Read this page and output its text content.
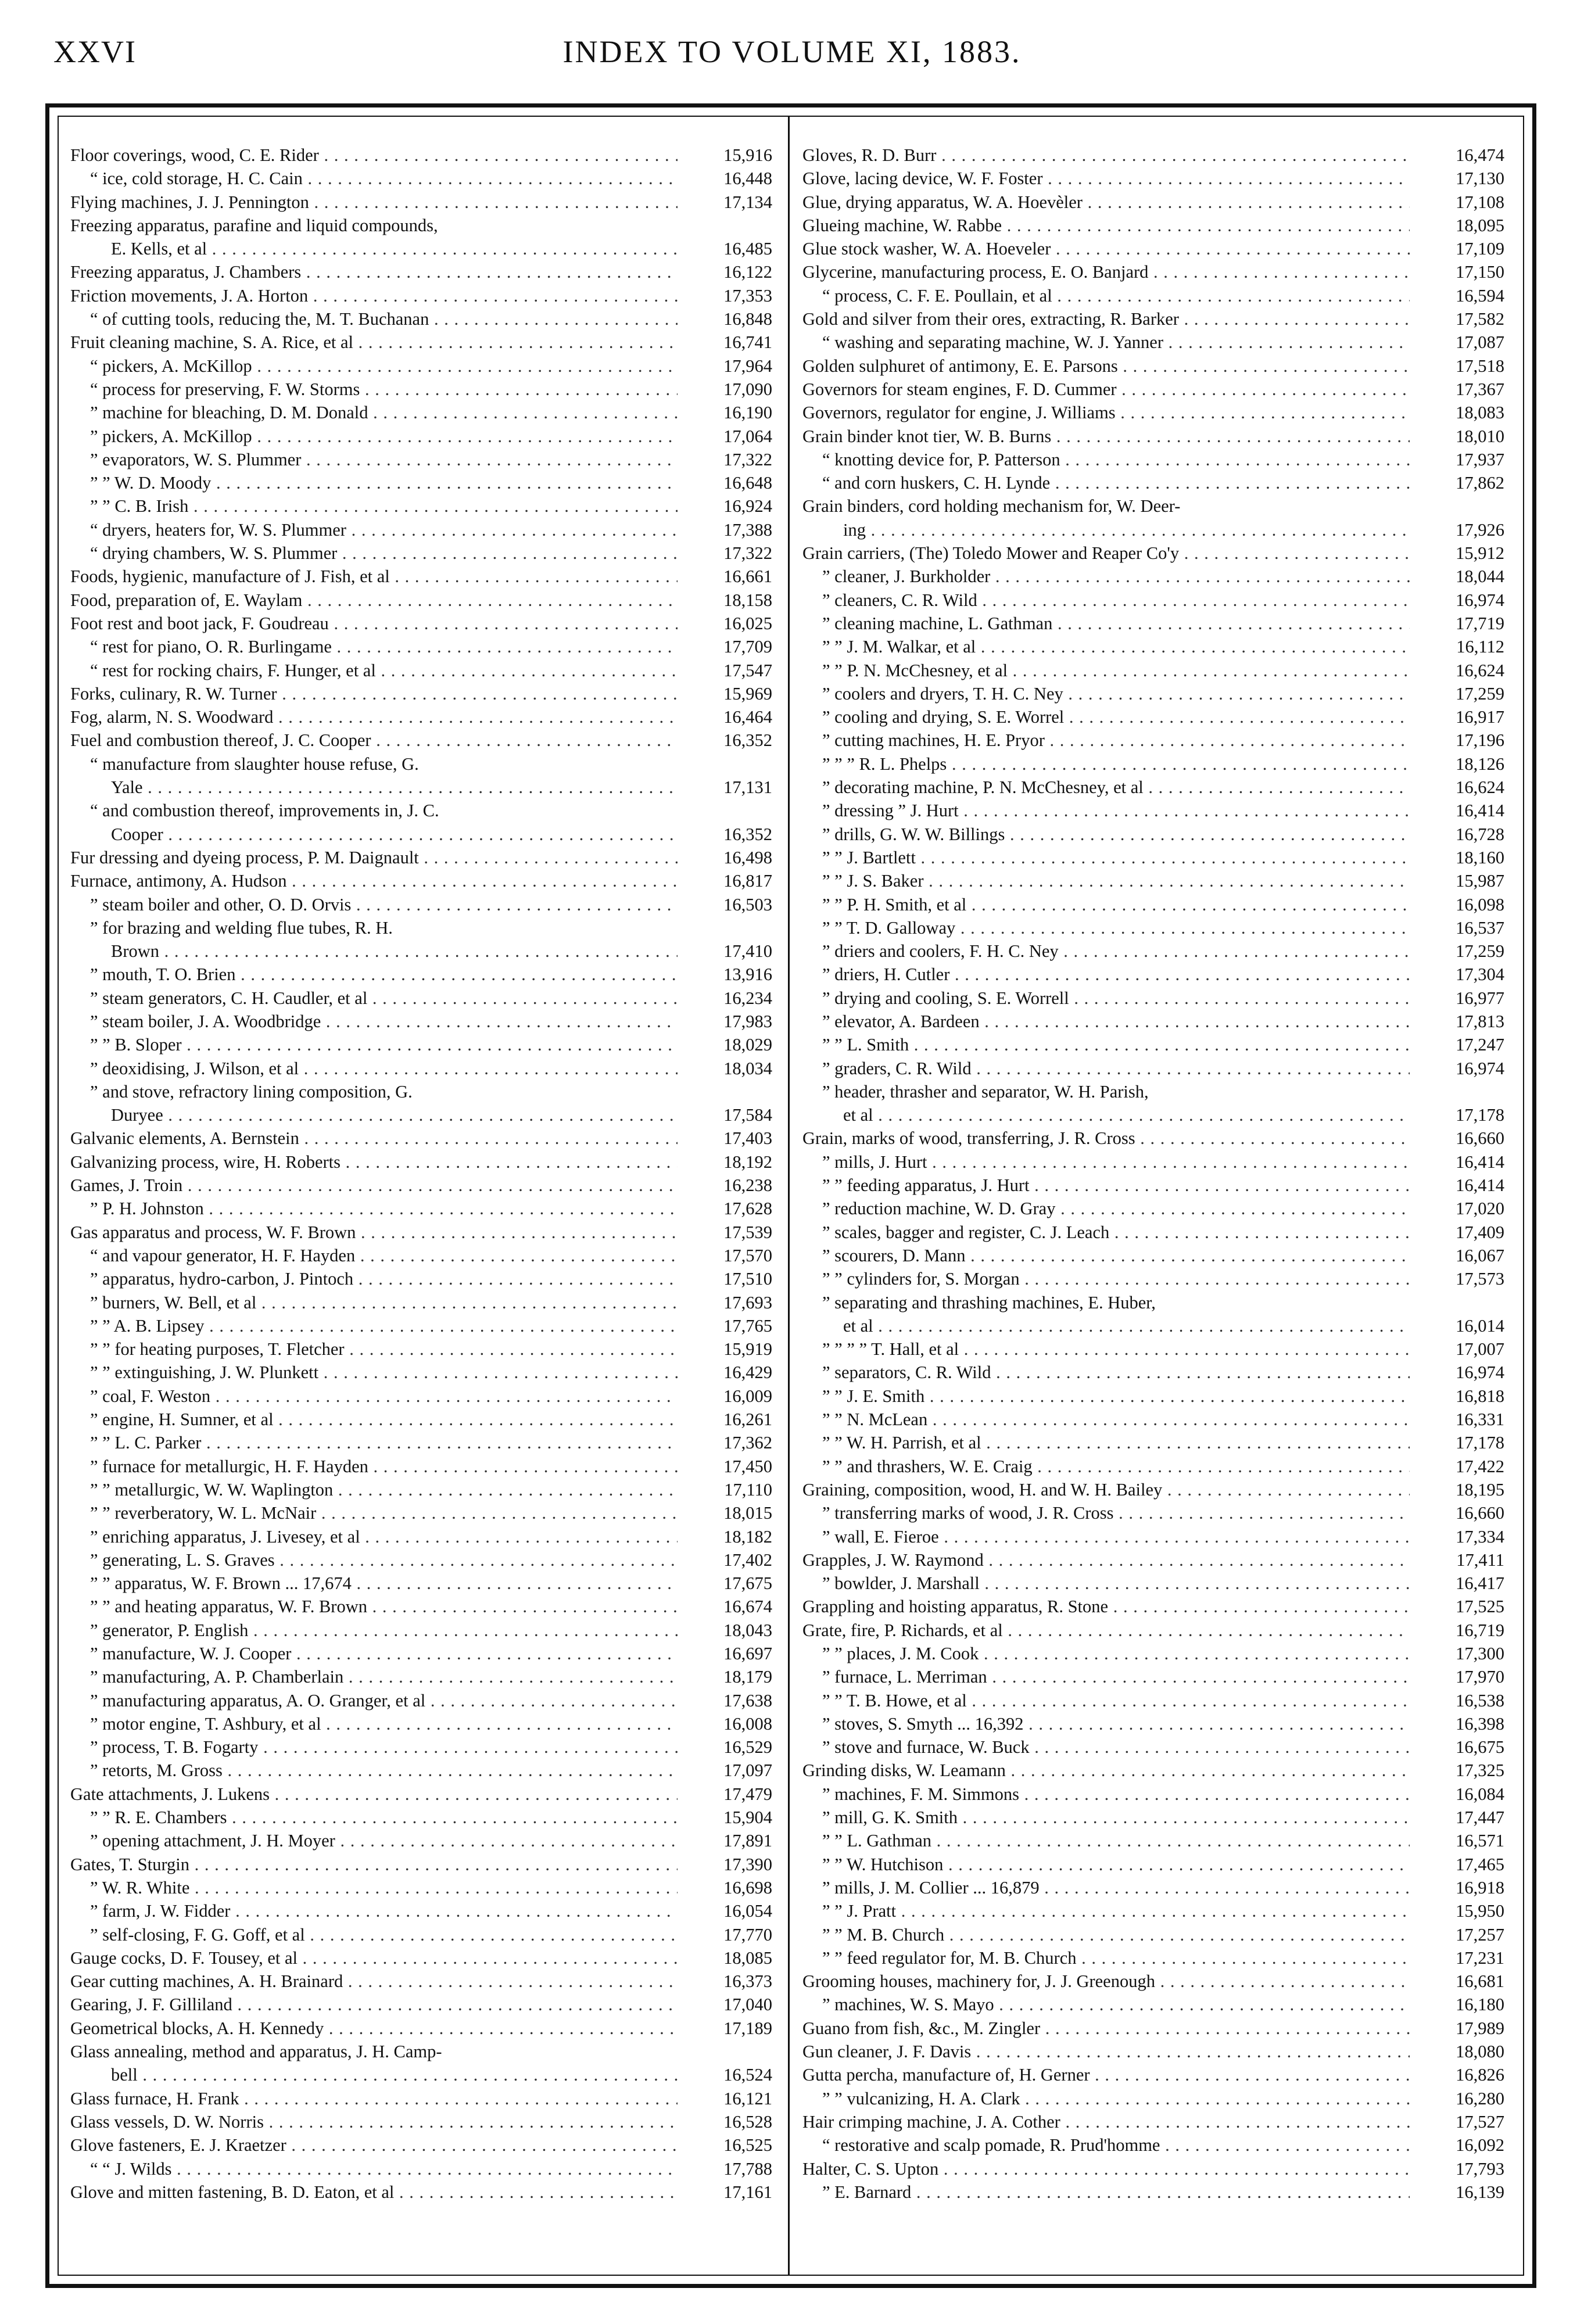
XXVI	INDEX TO VOLUME XI, 1883.
Floor coverings, wood, C. E. Rider . . .	15,916
“ ice, cold storage, H. C. Cain . . .	16,448
Flying machines, J. J. Pennington . . .	17,134
Freezing apparatus, parafine and liquid compounds,
E. Kells, et al . . .	16,485
Freezing apparatus, J. Chambers . . .	16,122
Friction movements, J. A. Horton . . .	17,353
“ of cutting tools, reducing the, M. T. Buchanan . . .	16,848
Fruit cleaning machine, S. A. Rice, et al . . .	16,741
“ pickers, A. McKillop . . .	17,964
“ process for preserving, F. W. Storms . . .	17,090
” machine for bleaching, D. M. Donald . . .	16,190
” pickers, A. McKillop . . .	17,064
” evaporators, W. S. Plummer . . .	17,322
” ” W. D. Moody . . .	16,648
” ” C. B. Irish . . .	16,924
“ dryers, heaters for, W. S. Plummer . . .	17,388
“ drying chambers, W. S. Plummer . . .	17,322
Foods, hygienic, manufacture of J. Fish, et al . . .	16,661
Food, preparation of, E. Waylam . . .	18,158
Foot rest and boot jack, F. Goudreau . . .	16,025
“ rest for piano, O. R. Burlingame . . .	17,709
“ rest for rocking chairs, F. Hunger, et al . . .	17,547
Forks, culinary, R. W. Turner . . .	15,969
Fog, alarm, N. S. Woodward . . .	16,464
Fuel and combustion thereof, J. C. Cooper . . .	16,352
“ manufacture from slaughter house refuse, G.
Yale . . .	17,131
“ and combustion thereof, improvements in, J. C.
Cooper . . .	16,352
Fur dressing and dyeing process, P. M. Daignault . . .	16,498
Furnace, antimony, A. Hudson . . .	16,817
” steam boiler and other, O. D. Orvis . . .	16,503
” for brazing and welding flue tubes, R. H.
Brown . . .	17,410
” mouth, T. O. Brien . . .	13,916
” steam generators, C. H. Caudler, et al . . .	16,234
” steam boiler, J. A. Woodbridge . . .	17,983
” ” B. Sloper . . .	18,029
” deoxidising, J. Wilson, et al . . .	18,034
” and stove, refractory lining composition, G.
Duryee . . .	17,584
Galvanic elements, A. Bernstein . . .	17,403
Galvanizing process, wire, H. Roberts . . .	18,192
Games, J. Troin . . .	16,238
” P. H. Johnston . . .	17,628
Gas apparatus and process, W. F. Brown . . .	17,539
“ and vapour generator, H. F. Hayden . . .	17,570
” apparatus, hydro-carbon, J. Pintoch . . .	17,510
” burners, W. Bell, et al . . .	17,693
” ” A. B. Lipsey . . .	17,765
” ” for heating purposes, T. Fletcher . . .	15,919
” ” extinguishing, J. W. Plunkett . . .	16,429
” coal, F. Weston . . .	16,009
” engine, H. Sumner, et al . . .	16,261
” ” L. C. Parker . . .	17,362
” furnace for metallurgic, H. F. Hayden . . .	17,450
” ” metallurgic, W. W. Waplington . . .	17,110
” ” reverberatory, W. L. McNair . . .	18,015
” enriching apparatus, J. Livesey, et al . . .	18,182
” generating, L. S. Graves . . .	17,402
” ” apparatus, W. F. Brown ... 17,674 . . .	17,675
” ” and heating apparatus, W. F. Brown . . .	16,674
” generator, P. English . . .	18,043
” manufacture, W. J. Cooper . . .	16,697
” manufacturing, A. P. Chamberlain . . .	18,179
” manufacturing apparatus, A. O. Granger, et al . . .	17,638
” motor engine, T. Ashbury, et al . . .	16,008
” process, T. B. Fogarty . . .	16,529
” retorts, M. Gross . . .	17,097
Gate attachments, J. Lukens . . .	17,479
” ” R. E. Chambers . . .	15,904
” opening attachment, J. H. Moyer . . .	17,891
Gates, T. Sturgin . . .	17,390
” W. R. White . . .	16,698
” farm, J. W. Fidder . . .	16,054
” self-closing, F. G. Goff, et al . . .	17,770
Gauge cocks, D. F. Tousey, et al . . .	18,085
Gear cutting machines, A. H. Brainard . . .	16,373
Gearing, J. F. Gilliland . . .	17,040
Geometrical blocks, A. H. Kennedy . . .	17,189
Glass annealing, method and apparatus, J. H. Camp-
bell . . .	16,524
Glass furnace, H. Frank . . .	16,121
Glass vessels, D. W. Norris . . .	16,528
Glove fasteners, E. J. Kraetzer . . .	16,525
“ “ J. Wilds . . .	17,788
Glove and mitten fastening, B. D. Eaton, et al . . .	17,161
Gloves, R. D. Burr . . .	16,474
Glove, lacing device, W. F. Foster . . .	17,130
Glue, drying apparatus, W. A. Hoevèler . . .	17,108
Glueing machine, W. Rabbe . . .	18,095
Glue stock washer, W. A. Hoeveler . . .	17,109
Glycerine, manufacturing process, E. O. Banjard . . .	17,150
“ process, C. F. E. Poullain, et al . . .	16,594
Gold and silver from their ores, extracting, R. Barker . . .	17,582
“ washing and separating machine, W. J. Yanner . . .	17,087
Golden sulphuret of antimony, E. E. Parsons . . .	17,518
Governors for steam engines, F. D. Cummer . . .	17,367
Governors, regulator for engine, J. Williams . . .	18,083
Grain binder knot tier, W. B. Burns . . .	18,010
“ knotting device for, P. Patterson . . .	17,937
“ and corn huskers, C. H. Lynde . . .	17,862
Grain binders, cord holding mechanism for, W. Deer-
ing . . .	17,926
Grain carriers, (The) Toledo Mower and Reaper Co'y . . .	15,912
” cleaner, J. Burkholder . . .	18,044
” cleaners, C. R. Wild . . .	16,974
” cleaning machine, L. Gathman . . .	17,719
” ” J. M. Walkar, et al . . .	16,112
” ” P. N. McChesney, et al . . .	16,624
” coolers and dryers, T. H. C. Ney . . .	17,259
” cooling and drying, S. E. Worrel . . .	16,917
” cutting machines, H. E. Pryor . . .	17,196
” ” ” R. L. Phelps . . .	18,126
” decorating machine, P. N. McChesney, et al . . .	16,624
” dressing ” J. Hurt . . .	16,414
” drills, G. W. W. Billings . . .	16,728
” ” J. Bartlett . . .	18,160
” ” J. S. Baker . . .	15,987
” ” P. H. Smith, et al . . .	16,098
” ” T. D. Galloway . . .	16,537
” driers and coolers, F. H. C. Ney . . .	17,259
” driers, H. Cutler . . .	17,304
” drying and cooling, S. E. Worrell . . .	16,977
” elevator, A. Bardeen . . .	17,813
” ” L. Smith . . .	17,247
” graders, C. R. Wild . . .	16,974
” header, thrasher and separator, W. H. Parish,
et al . . .	17,178
Grain, marks of wood, transferring, J. R. Cross . . .	16,660
” mills, J. Hurt . . .	16,414
” ” feeding apparatus, J. Hurt . . .	16,414
” reduction machine, W. D. Gray . . .	17,020
” scales, bagger and register, C. J. Leach . . .	17,409
” scourers, D. Mann . . .	16,067
” ” cylinders for, S. Morgan . . .	17,573
” separating and thrashing machines, E. Huber,
et al . . .	16,014
” ” ” ” T. Hall, et al . . .	17,007
” separators, C. R. Wild . . .	16,974
” ” J. E. Smith . . .	16,818
” ” N. McLean . . .	16,331
” ” W. H. Parrish, et al . . .	17,178
” ” and thrashers, W. E. Craig . . .	17,422
Graining, composition, wood, H. and W. H. Bailey . . .	18,195
” transferring marks of wood, J. R. Cross . . .	16,660
” wall, E. Fieroe . . .	17,334
Grapples, J. W. Raymond . . .	17,411
” bowlder, J. Marshall . . .	16,417
Grappling and hoisting apparatus, R. Stone . . .	17,525
Grate, fire, P. Richards, et al . . .	16,719
” ” places, J. M. Cook . . .	17,300
” furnace, L. Merriman . . .	17,970
” ” T. B. Howe, et al . . .	16,538
” stoves, S. Smyth ... 16,392 . . .	16,398
” stove and furnace, W. Buck . . .	16,675
Grinding disks, W. Leamann . . .	17,325
” machines, F. M. Simmons . . .	16,084
” mill, G. K. Smith . . .	17,447
” ” L. Gathman . . .	16,571
” ” W. Hutchison . . .	17,465
” mills, J. M. Collier ... 16,879 . . .	16,918
” ” J. Pratt . . .	15,950
” ” M. B. Church . . .	17,257
” ” feed regulator for, M. B. Church . . .	17,231
Grooming houses, machinery for, J. J. Greenough . . .	16,681
” machines, W. S. Mayo . . .	16,180
Guano from fish, &c., M. Zingler . . .	17,989
Gun cleaner, J. F. Davis . . .	18,080
Gutta percha, manufacture of, H. Gerner . . .	16,826
” ” vulcanizing, H. A. Clark . . .	16,280
Hair crimping machine, J. A. Cother . . .	17,527
“ restorative and scalp pomade, R. Prud'homme . . .	16,092
Halter, C. S. Upton . . .	17,793
” E. Barnard . . .	16,139
